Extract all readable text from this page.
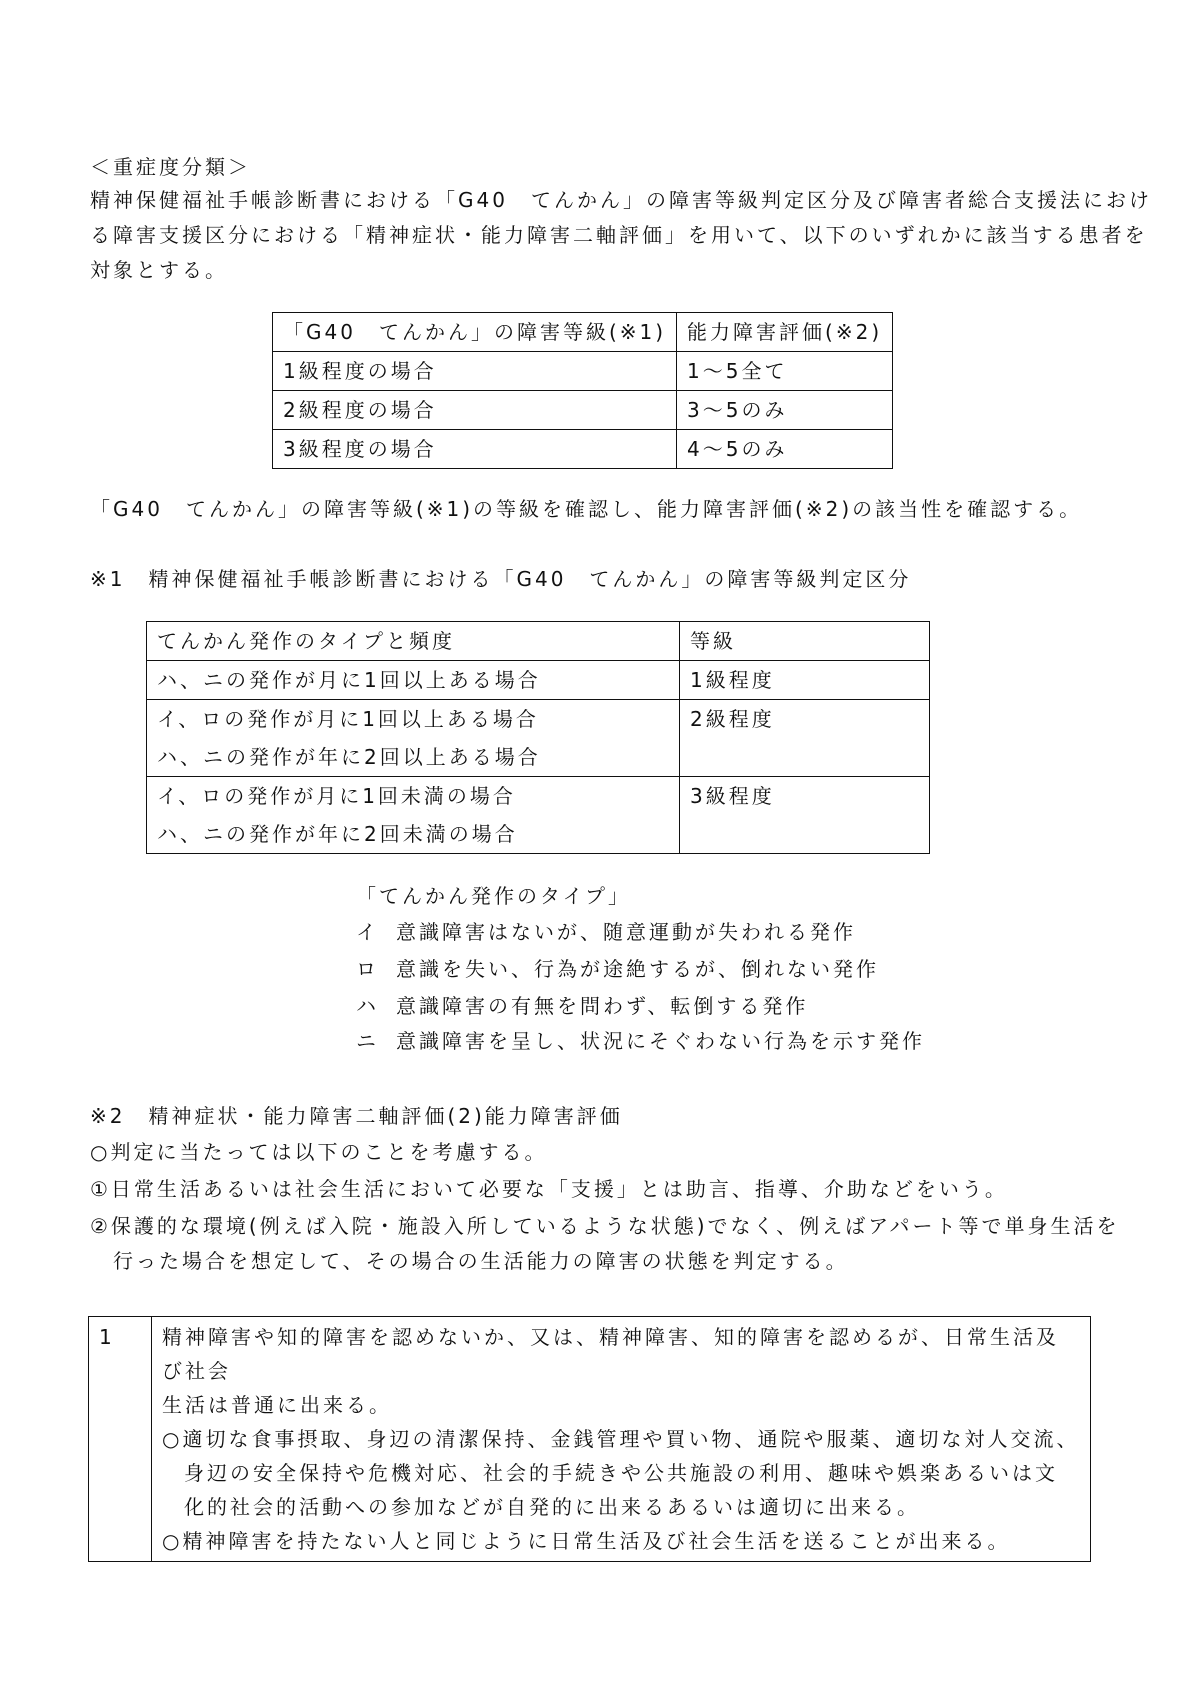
＜重症度分類＞
精神保健福祉手帳診断書における「G40　てんかん」の障害等級判定区分及び障害者総合支援法におけ
る障害支援区分における「精神症状・能力障害二軸評価」を用いて、以下のいずれかに該当する患者を
対象とする。
「G40　てんかん」の障害等級(※1)	能力障害評価(※2)
1級程度の場合	1～5全て
2級程度の場合	3～5のみ
3級程度の場合	4～5のみ
「G40　てんかん」の障害等級(※1)の等級を確認し、能力障害評価(※2)の該当性を確認する。
※1　精神保健福祉手帳診断書における「G40　てんかん」の障害等級判定区分
てんかん発作のタイプと頻度	等級

ハ、ニの発作が月に1回以上ある場合	1級程度

イ、ロの発作が月に1回以上ある場合
ハ、ニの発作が年に2回以上ある場合	2級程度

イ、ロの発作が月に1回未満の場合
ハ、ニの発作が年に2回未満の場合	3級程度
「てんかん発作のタイプ」
イ 意識障害はないが、随意運動が失われる発作
ロ 意識を失い、行為が途絶するが、倒れない発作
ハ 意識障害の有無を問わず、転倒する発作
ニ 意識障害を呈し、状況にそぐわない行為を示す発作
※2　精神症状・能力障害二軸評価(2)能力障害評価
○判定に当たっては以下のことを考慮する。
①日常生活あるいは社会生活において必要な「支援」とは助言、指導、介助などをいう。
②保護的な環境(例えば入院・施設入所しているような状態)でなく、例えばアパート等で単身生活を
　行った場合を想定して、その場合の生活能力の障害の状態を判定する。
1	精神障害や知的障害を認めないか、又は、精神障害、知的障害を認めるが、日常生活及び社会
生活は普通に出来る。
○適切な食事摂取、身辺の清潔保持、金銭管理や買い物、通院や服薬、適切な対人交流、身辺の安全保持や危機対応、社会的手続きや公共施設の利用、趣味や娯楽あるいは文化的社会的活動への参加などが自発的に出来るあるいは適切に出来る。
○精神障害を持たない人と同じように日常生活及び社会生活を送ることが出来る。
